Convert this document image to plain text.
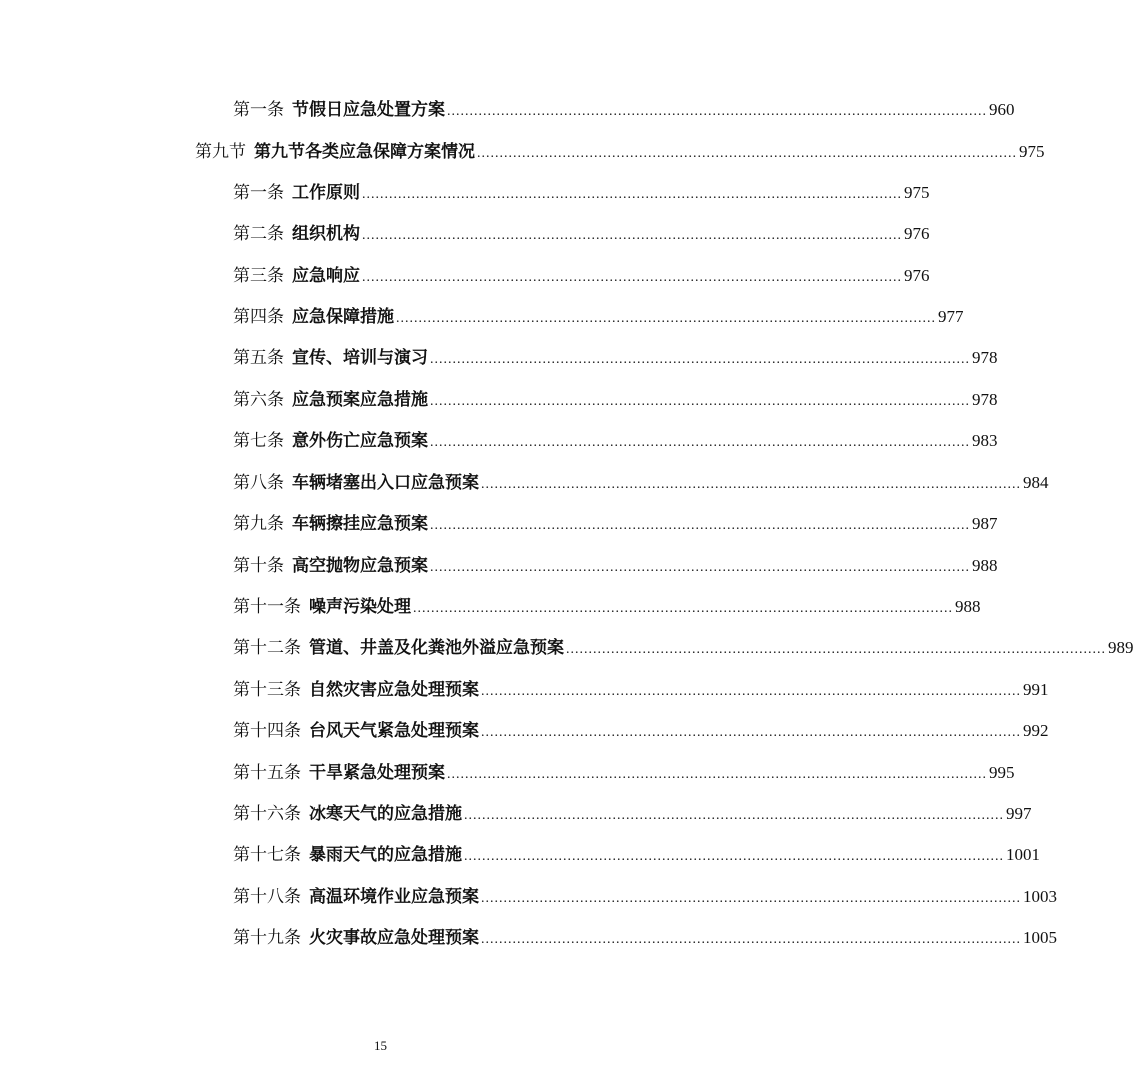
第一条 节假日应急处置方案 ........................................................................................................................ 960
第九节 第九节各类应急保障方案情况 ........................................................................................................................ 975
第一条 工作原则 ........................................................................................................................ 975
第二条 组织机构 ........................................................................................................................ 976
第三条 应急响应 ........................................................................................................................ 976
第四条 应急保障措施 ........................................................................................................................ 977
第五条 宣传、培训与演习 ........................................................................................................................ 978
第六条 应急预案应急措施 ........................................................................................................................ 978
第七条 意外伤亡应急预案 ........................................................................................................................ 983
第八条 车辆堵塞出入口应急预案 ........................................................................................................................ 984
第九条 车辆擦挂应急预案 ........................................................................................................................ 987
第十条 高空抛物应急预案 ........................................................................................................................ 988
第十一条 噪声污染处理 ........................................................................................................................ 988
第十二条 管道、井盖及化粪池外溢应急预案 ........................................................................................................................ 989
第十三条 自然灾害应急处理预案 ........................................................................................................................ 991
第十四条 台风天气紧急处理预案 ........................................................................................................................ 992
第十五条 干旱紧急处理预案 ........................................................................................................................ 995
第十六条 冰寒天气的应急措施 ........................................................................................................................ 997
第十七条 暴雨天气的应急措施 ........................................................................................................................ 1001
第十八条 高温环境作业应急预案 ........................................................................................................................ 1003
第十九条 火灾事故应急处理预案 ........................................................................................................................ 1005
15
